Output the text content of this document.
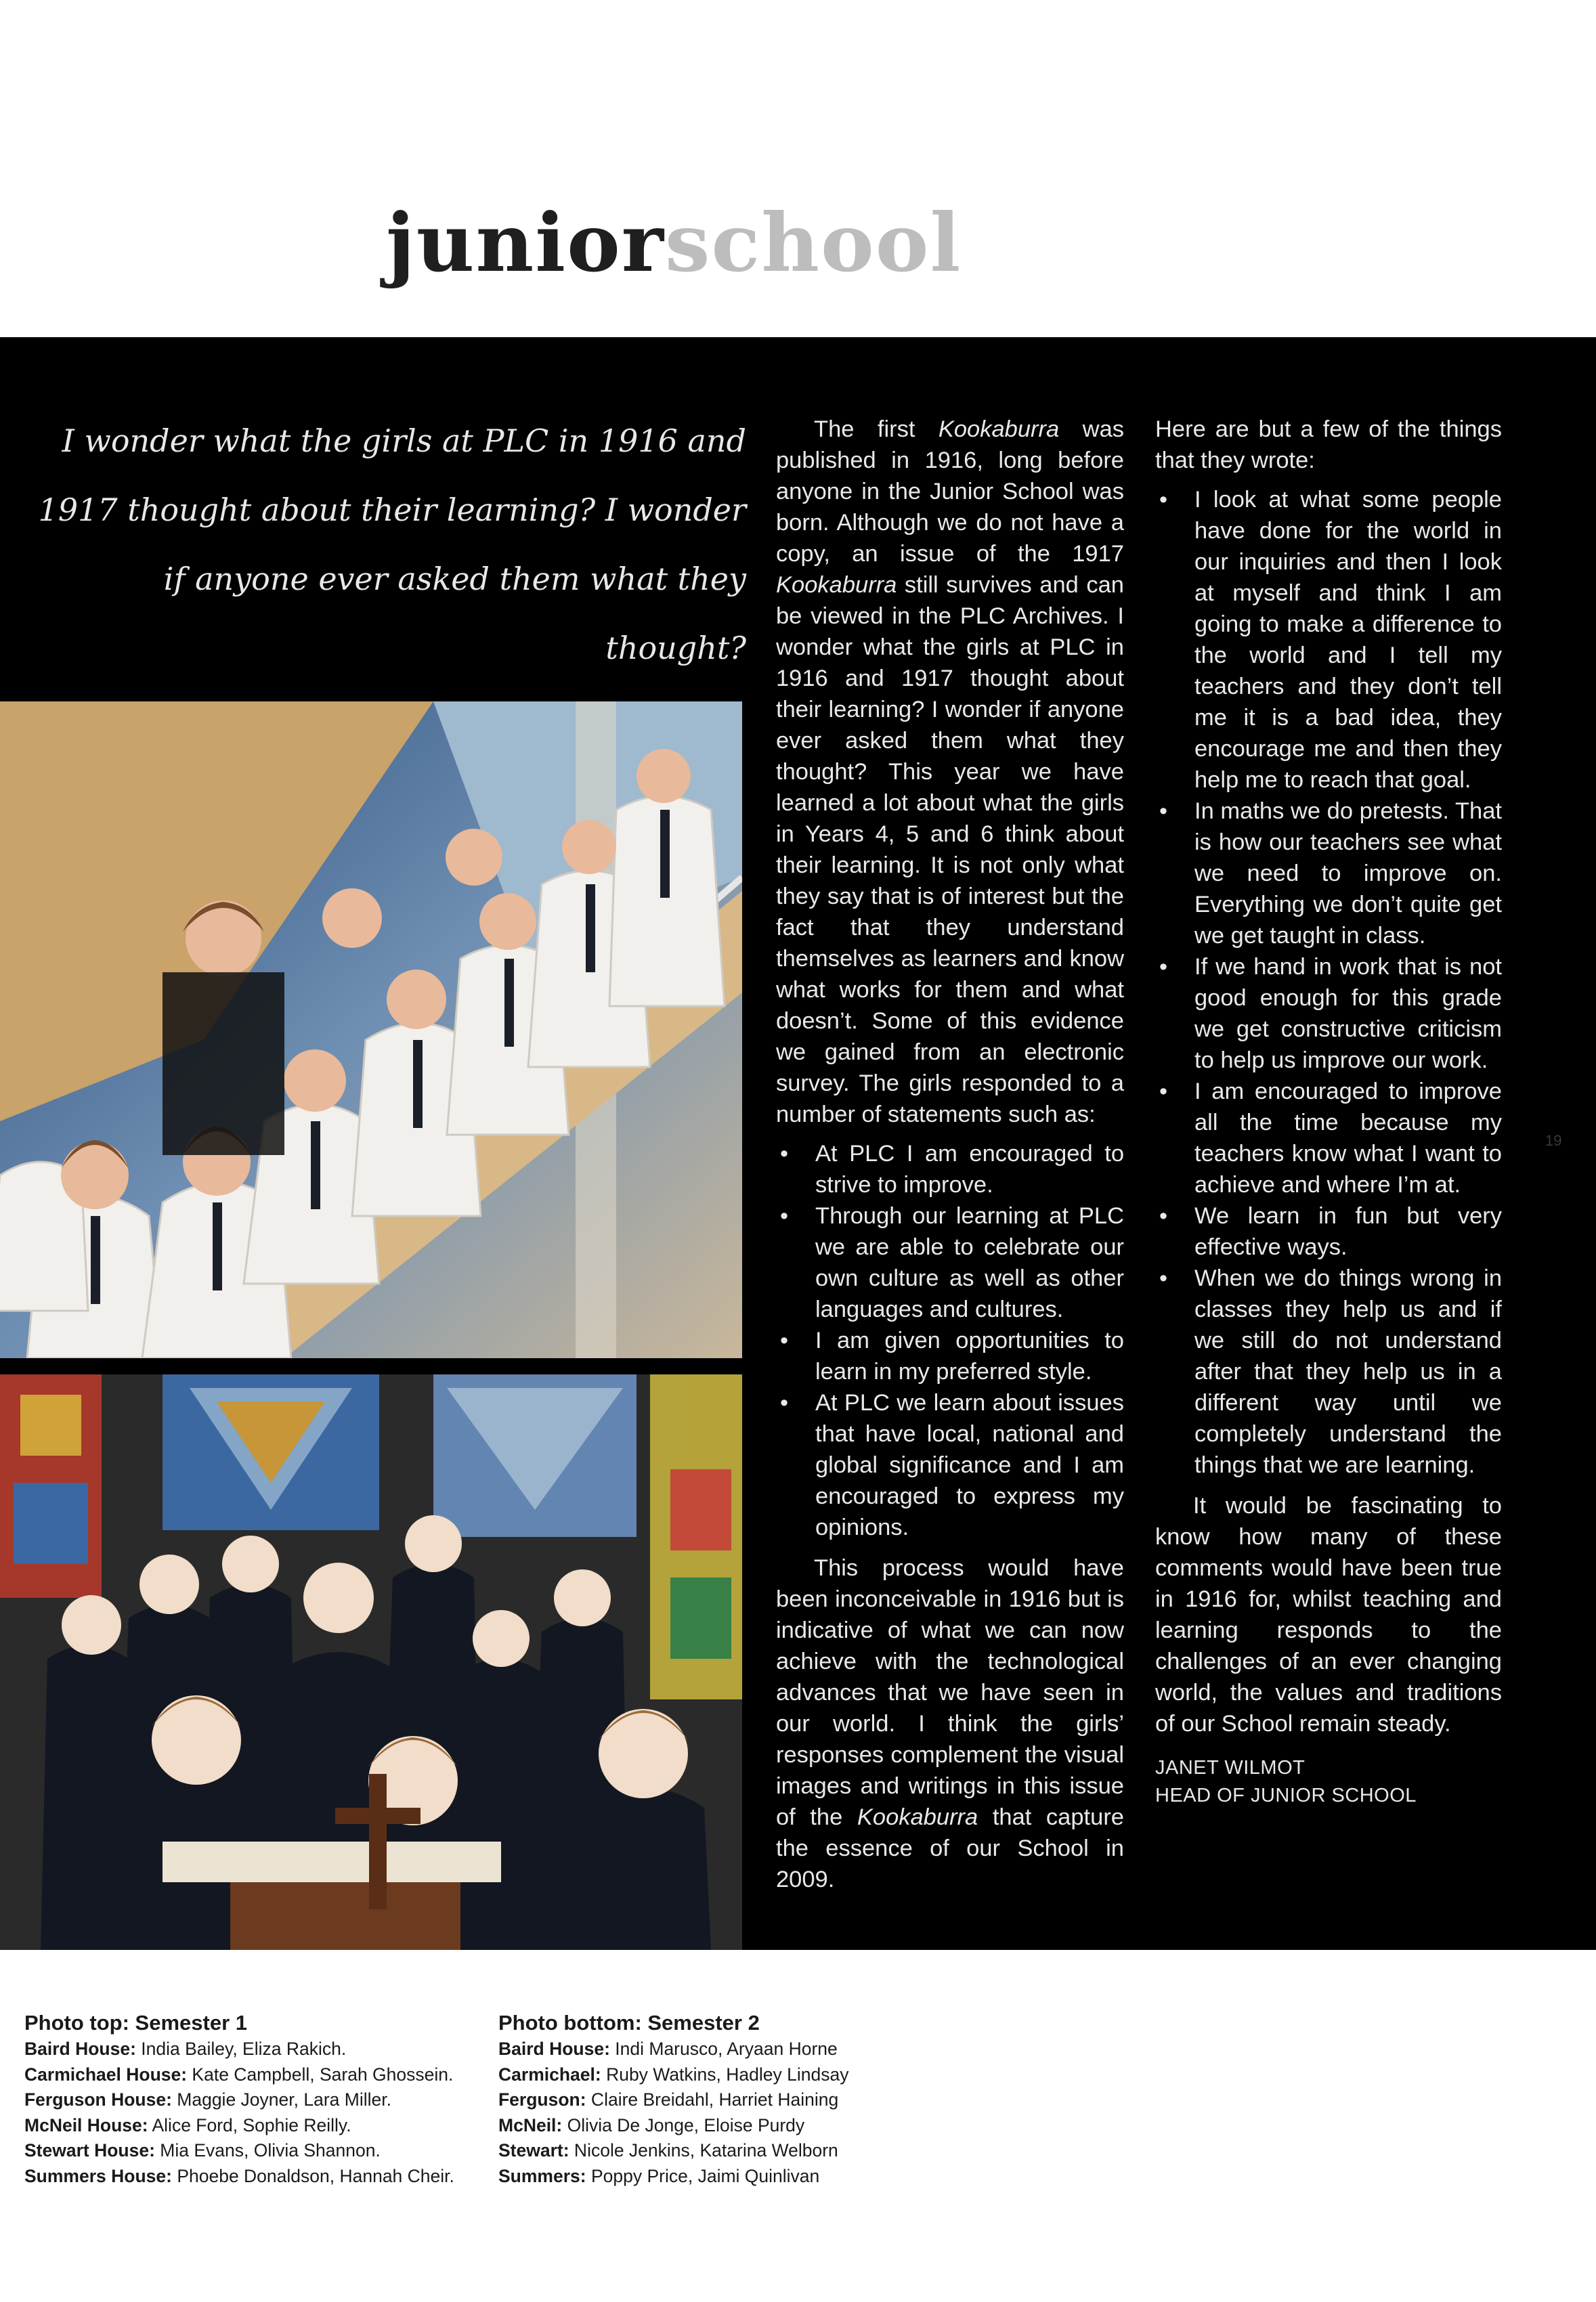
juniorschool

I wonder what the girls at PLC in 1916 and 1917 thought about their learning? I wonder if anyone ever asked them what they thought?

The first Kookaburra was published in 1916, long before anyone in the Junior School was born. Although we do not have a copy, an issue of the 1917 Kookaburra still survives and can be viewed in the PLC Archives. I wonder what the girls at PLC in 1916 and 1917 thought about their learning? I wonder if anyone ever asked them what they thought? This year we have learned a lot about what the girls in Years 4, 5 and 6 think about their learning. It is not only what they say that is of interest but the fact that they understand themselves as learners and know what works for them and what doesn’t. Some of this evidence we gained from an electronic survey. The girls responded to a number of statements such as:

• At PLC I am encouraged to strive to improve.
• Through our learning at PLC we are able to celebrate our own culture as well as other languages and cultures.
• I am given opportunities to learn in my preferred style.
• At PLC we learn about issues that have local, national and global significance and I am encouraged to express my opinions.

This process would have been inconceivable in 1916 but is indicative of what we can now achieve with the technological advances that we have seen in our world. I think the girls’ responses complement the visual images and writings in this issue of the Kookaburra that capture the essence of our School in 2009.

Here are but a few of the things that they wrote:

• I look at what some people have done for the world in our inquiries and then I look at myself and think I am going to make a difference to the world and I tell my teachers and they don’t tell me it is a bad idea, they encourage me and then they help me to reach that goal.
• In maths we do pretests. That is how our teachers see what we need to improve on. Everything we don’t quite get we get taught in class.
• If we hand in work that is not good enough for this grade we get constructive criticism to help us improve our work.
• I am encouraged to improve all the time because my teachers know what I want to achieve and where I’m at.
• We learn in fun but very effective ways.
• When we do things wrong in classes they help us and if we still do not understand after that they help us in a different way until we completely understand the things that we are learning.

It would be fascinating to know how many of these comments would have been true in 1916 for, whilst teaching and learning responds to the challenges of an ever changing world, the values and traditions of our School remain steady.

JANET WILMOT
HEAD OF JUNIOR SCHOOL
19
Photo top: Semester 1
Baird House: India Bailey, Eliza Rakich.
Carmichael House: Kate Campbell, Sarah Ghossein.
Ferguson House: Maggie Joyner, Lara Miller.
McNeil House: Alice Ford, Sophie Reilly.
Stewart House: Mia Evans, Olivia Shannon.
Summers House: Phoebe Donaldson, Hannah Cheir.
Photo bottom: Semester 2
Baird House: Indi Marusco, Aryaan Horne
Carmichael: Ruby Watkins, Hadley Lindsay
Ferguson: Claire Breidahl, Harriet Haining
McNeil: Olivia De Jonge, Eloise Purdy
Stewart: Nicole Jenkins, Katarina Welborn
Summers: Poppy Price, Jaimi Quinlivan
